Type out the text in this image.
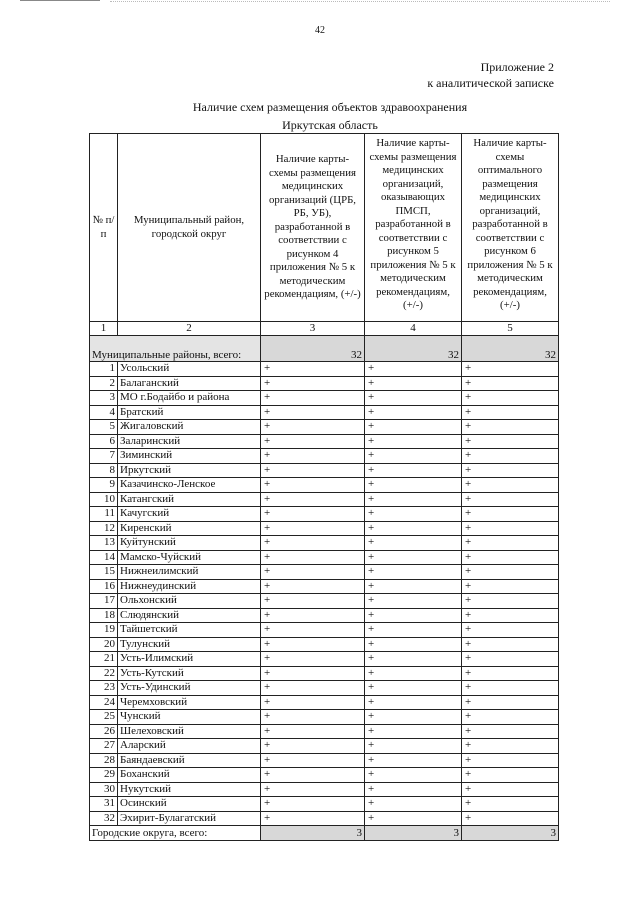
42
Приложение 2
к аналитической записке
Наличие схем размещения объектов здравоохранения
Иркутская область
№ п/п	Муниципальный район, городской округ	Наличие карты-схемы размещения медицинских организаций (ЦРБ, РБ, УБ), разработанной в соответствии с рисунком 4 приложения № 5 к методическим рекомендациям, (+/-)	Наличие карты-схемы размещения медицинских организаций, оказывающих ПМСП, разработанной в соответствии с рисунком 5 приложения № 5 к методическим рекомендациям, (+/-)	Наличие карты-схемы оптимального размещения медицинских организаций, разработанной в соответствии с рисунком 6 приложения № 5 к методическим рекомендациям, (+/-)
1	2	3	4	5
Муниципальные районы, всего:		32	32	32
1	Усольский	+	+	+
2	Балаганский	+	+	+
3	МО г.Бодайбо и района	+	+	+
4	Братский	+	+	+
5	Жигаловский	+	+	+
6	Заларинский	+	+	+
7	Зиминский	+	+	+
8	Иркутский	+	+	+
9	Казачинско-Ленское	+	+	+
10	Катангский	+	+	+
11	Качугский	+	+	+
12	Киренский	+	+	+
13	Куйтунский	+	+	+
14	Мамско-Чуйский	+	+	+
15	Нижнеилимский	+	+	+
16	Нижнеудинский	+	+	+
17	Ольхонский	+	+	+
18	Слюдянский	+	+	+
19	Тайшетский	+	+	+
20	Тулунский	+	+	+
21	Усть-Илимский	+	+	+
22	Усть-Кутский	+	+	+
23	Усть-Удинский	+	+	+
24	Черемховский	+	+	+
25	Чунский	+	+	+
26	Шелеховский	+	+	+
27	Аларский	+	+	+
28	Баяндаевский	+	+	+
29	Боханский	+	+	+
30	Нукутский	+	+	+
31	Осинский	+	+	+
32	Эхирит-Булагатский	+	+	+
Городские округа, всего:		3	3	3
